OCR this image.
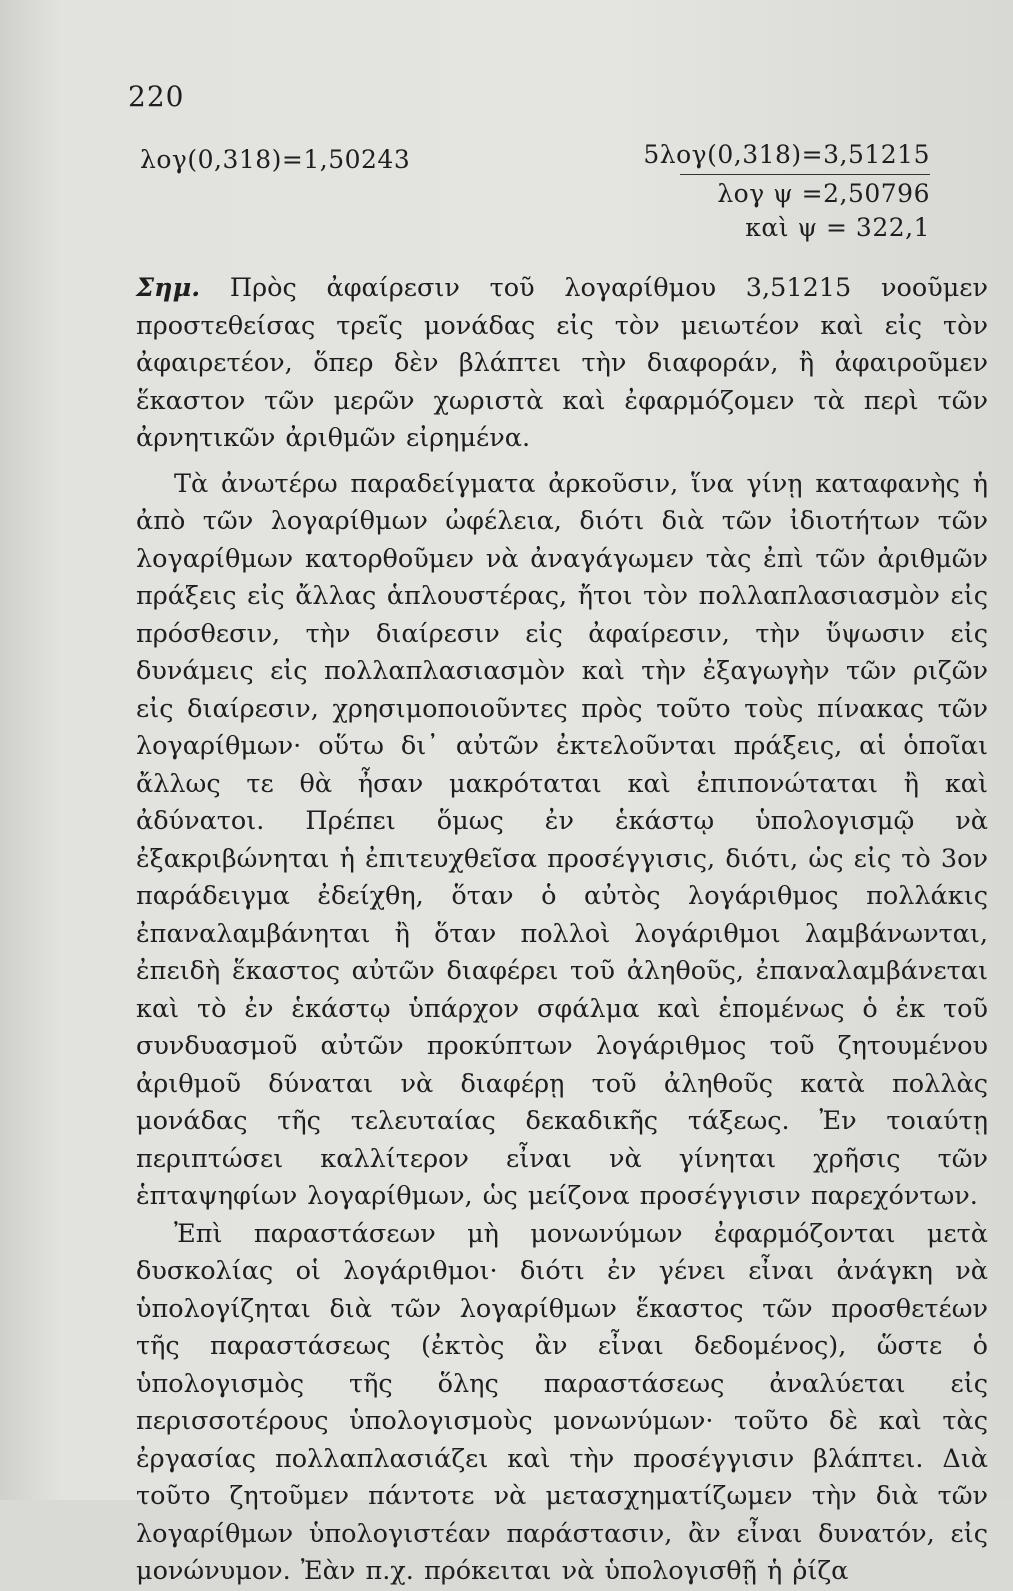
220
λογ(0,318)=1,50243	5λογ(0,318)=3,51215
λογ ψ =2,50796
καὶ ψ = 322,1

Σημ. Πρὸς ἀφαίρεσιν τοῦ λογαρίθμου 3,51215 νοοῦμεν προστεθείσας τρεῖς μονάδας εἰς τὸν μειωτέον καὶ εἰς τὸν ἀφαιρετέον, ὅπερ δὲν βλάπτει τὴν διαφοράν, ἢ ἀφαιροῦμεν ἕκαστον τῶν μερῶν χωριστὰ καὶ ἐφαρμόζομεν τὰ περὶ τῶν ἀρνητικῶν ἀριθμῶν εἰρημένα.

Τὰ ἀνωτέρω παραδείγματα ἀρκοῦσιν, ἵνα γίνῃ καταφανὴς ἡ ἀπὸ τῶν λογαρίθμων ὠφέλεια, διότι διὰ τῶν ἰδιοτήτων τῶν λογαρίθμων κατορθοῦμεν νὰ ἀναγάγωμεν τὰς ἐπὶ τῶν ἀριθμῶν πράξεις εἰς ἄλλας ἁπλουστέρας, ἤτοι τὸν πολλαπλασιασμὸν εἰς πρόσθεσιν, τὴν διαίρεσιν εἰς ἀφαίρεσιν, τὴν ὕψωσιν εἰς δυνάμεις εἰς πολλαπλασιασμὸν καὶ τὴν ἐξαγωγὴν τῶν ριζῶν εἰς διαίρεσιν, χρησιμοποιοῦντες πρὸς τοῦτο τοὺς πίνακας τῶν λογαρίθμων· οὕτω δι᾽ αὐτῶν ἐκτελοῦνται πράξεις, αἱ ὁποῖαι ἄλλως τε θὰ ἦσαν μακρόταται καὶ ἐπιπονώταται ἢ καὶ ἀδύνατοι. Πρέπει ὅμως ἐν ἑκάστῳ ὑπολογισμῷ νὰ ἐξακριβώνηται ἡ ἐπιτευχθεῖσα προσέγγισις, διότι, ὡς εἰς τὸ 3ον παράδειγμα ἐδείχθη, ὅταν ὁ αὐτὸς λογάριθμος πολλάκις ἐπαναλαμβάνηται ἢ ὅταν πολλοὶ λογάριθμοι λαμβάνωνται, ἐπειδὴ ἕκαστος αὐτῶν διαφέρει τοῦ ἀληθοῦς, ἐπαναλαμβάνεται καὶ τὸ ἐν ἑκάστῳ ὑπάρχον σφάλμα καὶ ἑπομένως ὁ ἐκ τοῦ συνδυασμοῦ αὐτῶν προκύπτων λογάριθμος τοῦ ζητουμένου ἀριθμοῦ δύναται νὰ διαφέρῃ τοῦ ἀληθοῦς κατὰ πολλὰς μονάδας τῆς τελευταίας δεκαδικῆς τάξεως. Ἐν τοιαύτῃ περιπτώσει καλλίτερον εἶναι νὰ γίνηται χρῆσις τῶν ἑπταψηφίων λογαρίθμων, ὡς μείζονα προσέγγισιν παρεχόντων.

Ἐπὶ παραστάσεων μὴ μονωνύμων ἐφαρμόζονται μετὰ δυσκολίας οἱ λογάριθμοι· διότι ἐν γένει εἶναι ἀνάγκη νὰ ὑπολογίζηται διὰ τῶν λογαρίθμων ἕκαστος τῶν προσθετέων τῆς παραστάσεως (ἐκτὸς ἂν εἶναι δεδομένος), ὥστε ὁ ὑπολογισμὸς τῆς ὅλης παραστάσεως ἀναλύεται εἰς περισσοτέρους ὑπολογισμοὺς μονωνύμων· τοῦτο δὲ καὶ τὰς ἐργασίας πολλαπλασιάζει καὶ τὴν προσέγγισιν βλάπτει. Διὰ τοῦτο ζητοῦμεν πάντοτε νὰ μετασχηματίζωμεν τὴν διὰ τῶν λογαρίθμων ὑπολογιστέαν παράστασιν, ἂν εἶναι δυνατόν, εἰς μονώνυμον. Ἐὰν π.χ. πρόκειται νὰ ὑπολογισθῇ ἡ ῥίζα
